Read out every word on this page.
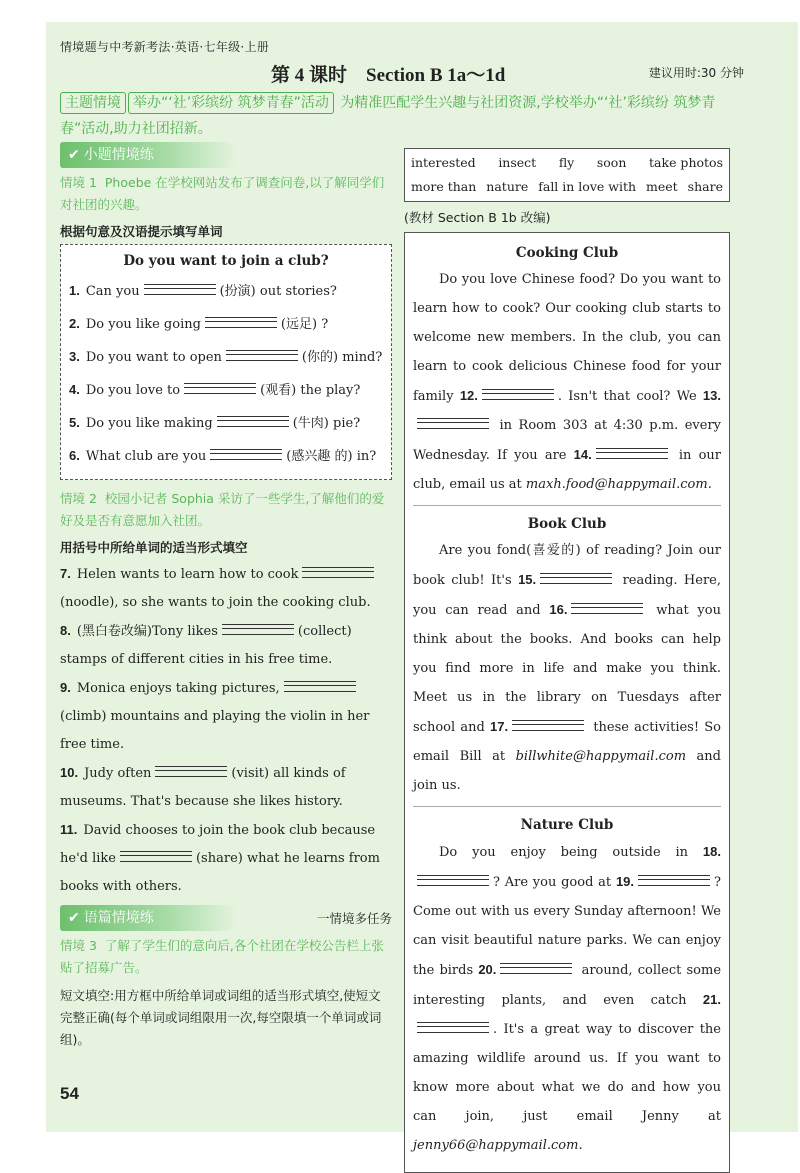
情境题与中考新考法·英语·七年级·上册
第 4 课时　Section B 1a～1d	建议用时:30 分钟
主题情境 举办“‘社’彩缤纷 筑梦青春”活动 为精准匹配学生兴趣与社团资源,学校举办“‘社’彩缤纷 筑梦青春”活动,助力社团招新。
✔ 小题情境练
情境 1 Phoebe 在学校网站发布了调查问卷,以了解同学们对社团的兴趣。
根据句意及汉语提示填写单词
Do you want to join a club?
1. Can you	(扮演) out stories?
2. Do you like going	(远足) ?
3. Do you want to open	(你的) mind?
4. Do you love to	(观看) the play?
5. Do you like making	(牛肉) pie?
6. What club are you	(感兴趣 的) in?
情境 2 校园小记者 Sophia 采访了一些学生,了解他们的爱好及是否有意愿加入社团。
用括号中所给单词的适当形式填空
7. Helen wants to learn how to cook (noodle), so she wants to join the cooking club.
8. (黑白卷改编)Tony likes	(collect) stamps of different cities in his free time.
9. Monica enjoys taking pictures,(climb) mountains and playing the violin in her free time.
10. Judy often	(visit) all kinds of museums. That's because she likes history.
11. David chooses to join the book club because he'd like	(share) what he learns from books with others.
✔ 语篇情境练	一情境多任务
情境 3 了解了学生们的意向后,各个社团在学校公告栏上张贴了招募广告。
短文填空:用方框中所给单词或词组的适当形式填空,使短文完整正确(每个单词或词组限用一次,每空限填一个单词或词组)。
interested insect fly soon take photos
more than nature fall in love with meet share
(教材 Section B 1b 改编)
Cooking Club

Do you love Chinese food? Do you want to learn how to cook? Our cooking club starts to welcome new members. In the club, you can learn to cook delicious Chinese food for your family 12.	. Isn't that cool? We 13. in Room 303 at 4:30 p.m. every Wednesday. If you are 14.	in our club, email us at maxh.food@happymail.com.

Book Club

Are you fond(喜爱的) of reading? Join our book club! It's 15.	reading. Here, you can read and 16.	what you think about the books. And books can help you find more in life and make you think. Meet us in the library on Tuesdays after school and 17.	these activities! So email Bill at billwhite@happymail.com and join us.

Nature Club

Do you enjoy being outside in 18.? Are you good at 19.	? Come out with us every Sunday afternoon! We can visit beautiful nature parks. We can enjoy the birds 20.	around, collect some interesting plants, and even catch 21.. It's a great way to discover the amazing wildlife around us. If you want to know more about what we do and how you can join, just email Jenny at jenny66@happymail.com.

54
